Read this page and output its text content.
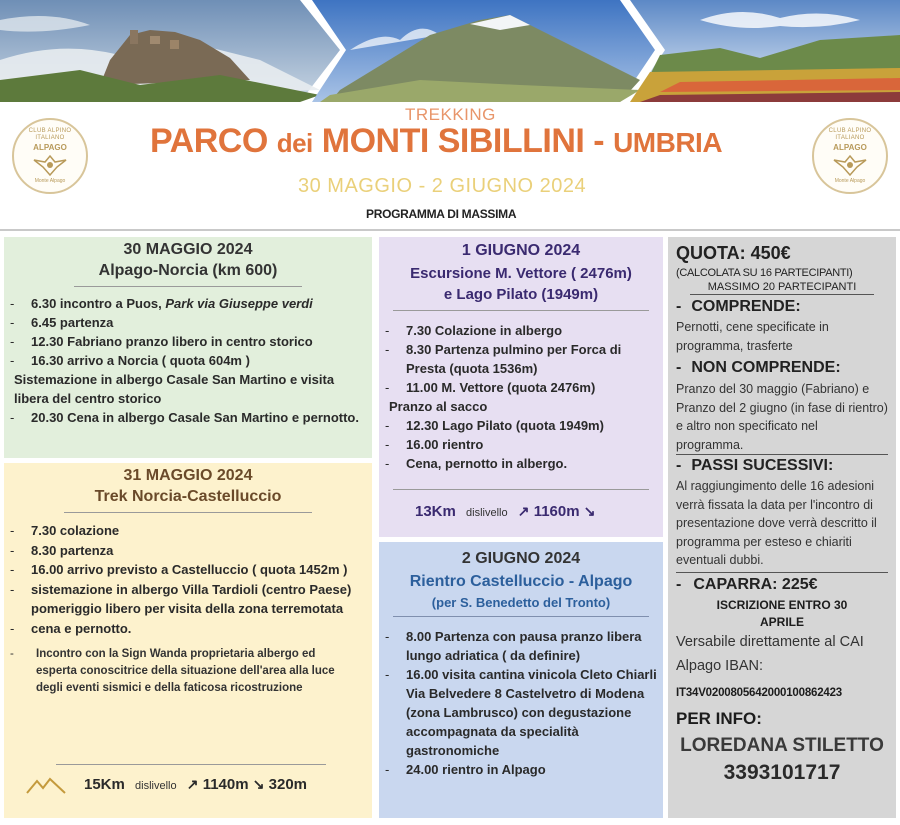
CLUB ALPINO ITALIANO
ALPAGO
Monte Alpago
CLUB ALPINO ITALIANO
ALPAGO
Monte Alpago
TREKKING
PARCO dei MONTI SIBILLINI - UMBRIA
30 MAGGIO - 2 GIUGNO 2024
PROGRAMMA DI MASSIMA
30 MAGGIO 2024
Alpago-Norcia (km 600)
- 6.30 incontro a Puos, Park via Giuseppe verdi
- 6.45 partenza
- 12.30 Fabriano pranzo libero in centro storico
- 16.30 arrivo a Norcia ( quota 604m )
Sistemazione in albergo Casale San Martino e visita libera del centro storico
- 20.30 Cena in albergo Casale San Martino e pernotto.
31 MAGGIO 2024
Trek Norcia-Castelluccio
- 7.30 colazione
- 8.30 partenza
- 16.00 arrivo previsto a Castelluccio ( quota 1452m )
- sistemazione in albergo Villa Tardioli (centro Paese) pomeriggio libero per visita della zona terremotata
- cena e pernotto.
- Incontro con la Sign Wanda proprietaria albergo ed esperta conoscitrice della situazione dell'area alla luce degli eventi sismici e della faticosa ricostruzione
15Km dislivello ↗ 1140m ↘ 320m
1 GIUGNO 2024
Escursione M. Vettore ( 2476m)
e Lago Pilato (1949m)
- 7.30 Colazione in albergo
- 8.30 Partenza pulmino per Forca di Presta (quota 1536m)
- 11.00 M. Vettore (quota 2476m)
Pranzo al sacco
- 12.30 Lago Pilato (quota 1949m)
- 16.00 rientro
- Cena, pernotto in albergo.
13Km dislivello ↗ 1160m ↘
2 GIUGNO 2024
Rientro Castelluccio - Alpago
(per S. Benedetto del Tronto)
- 8.00 Partenza con pausa pranzo libera lungo adriatica ( da definire)
- 16.00 visita cantina vinicola Cleto Chiarli Via Belvedere 8 Castelvetro di Modena (zona Lambrusco) con degustazione accompagnata da specialità gastronomiche
- 24.00 rientro in Alpago
QUOTA: 450€
(CALCOLATA SU 16 PARTECIPANTI)
MASSIMO 20 PARTECIPANTI
- COMPRENDE:
Pernotti, cene specificate in programma, trasferte
- NON COMPRENDE:
Pranzo del 30 maggio (Fabriano) e Pranzo del 2 giugno (in fase di rientro) e altro non specificato nel programma.
- PASSI SUCESSIVI:
Al raggiungimento delle 16 adesioni verrà fissata la data per l'incontro di presentazione dove verrà descritto il programma per esteso e chiariti eventuali dubbi.
- CAPARRA: 225€
ISCRIZIONE ENTRO 30
APRILE
Versabile direttamente al CAI Alpago IBAN:
IT34V0200805642000100862423
PER INFO:
LOREDANA STILETTO
3393101717
